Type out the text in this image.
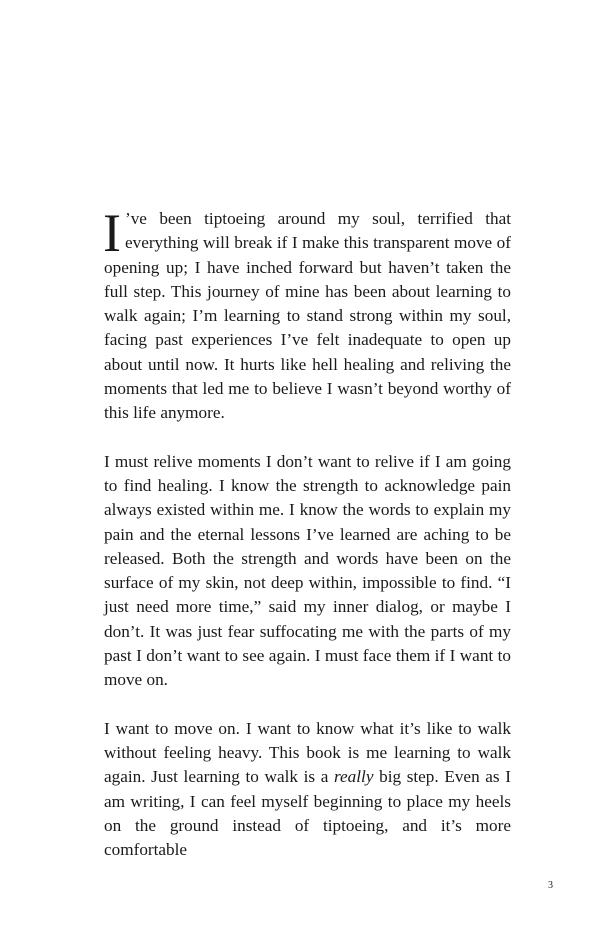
I ’ve been tiptoeing around my soul, terrified that everything will break if I make this transparent move of opening up; I have inched forward but haven’t taken the full step. This journey of mine has been about learning to walk again; I’m learning to stand strong within my soul, facing past experiences I’ve felt inadequate to open up about until now. It hurts like hell healing and reliving the moments that led me to believe I wasn’t beyond worthy of this life anymore.

I must relive moments I don’t want to relive if I am going to find healing. I know the strength to acknowledge pain always existed within me. I know the words to explain my pain and the eternal lessons I’ve learned are aching to be released. Both the strength and words have been on the surface of my skin, not deep within, impossible to find. “I just need more time,” said my inner dialog, or maybe I don’t. It was just fear suffocating me with the parts of my past I don’t want to see again. I must face them if I want to move on.

I want to move on. I want to know what it’s like to walk without feeling heavy. This book is me learning to walk again. Just learning to walk is a really big step. Even as I am writing, I can feel myself beginning to place my heels on the ground instead of tiptoeing, and it’s more comfortable

3
